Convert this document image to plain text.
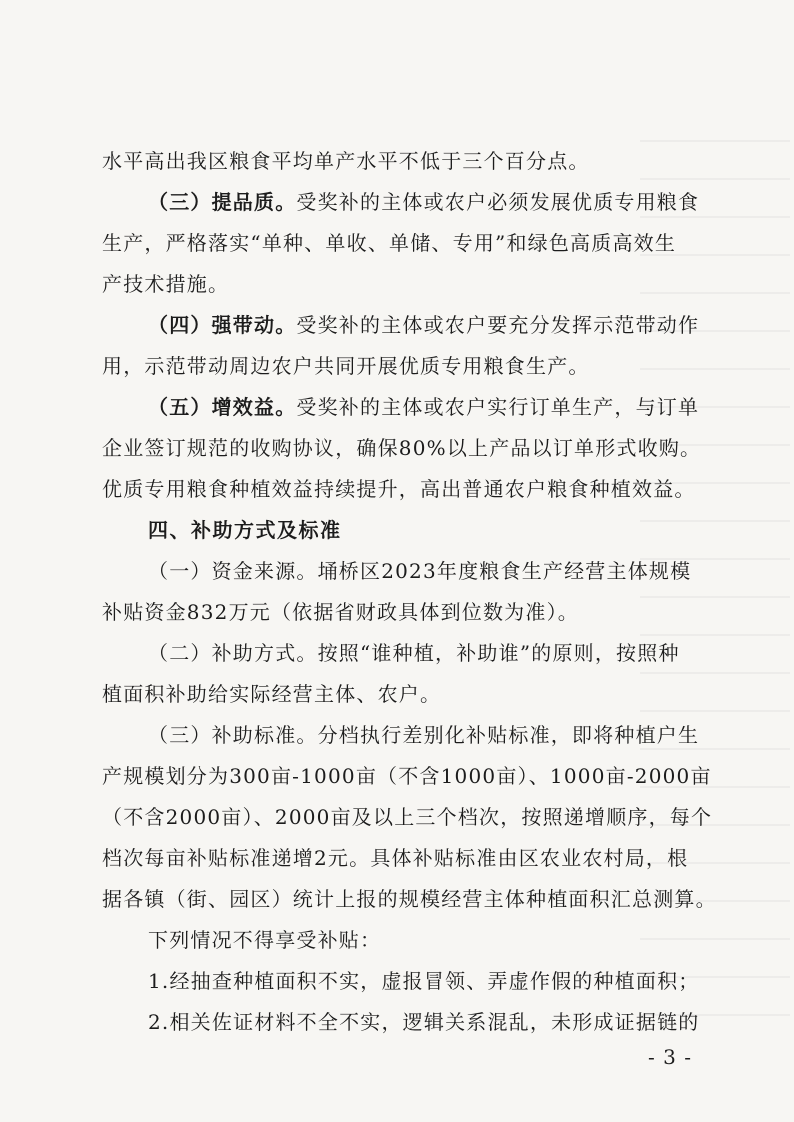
水平高出我区粮食平均单产水平不低于三个百分点。
（三）提品质。受奖补的主体或农户必须发展优质专用粮食
生产，严格落实“单种、单收、单储、专用”和绿色高质高效生
产技术措施。
（四）强带动。受奖补的主体或农户要充分发挥示范带动作
用，示范带动周边农户共同开展优质专用粮食生产。
（五）增效益。受奖补的主体或农户实行订单生产，与订单
企业签订规范的收购协议，确保80%以上产品以订单形式收购。
优质专用粮食种植效益持续提升，高出普通农户粮食种植效益。
四、补助方式及标准
（一）资金来源。埇桥区2023年度粮食生产经营主体规模
补贴资金832万元（依据省财政具体到位数为准）。
（二）补助方式。按照“谁种植，补助谁”的原则，按照种
植面积补助给实际经营主体、农户。
（三）补助标准。分档执行差别化补贴标准，即将种植户生
产规模划分为300亩-1000亩（不含1000亩）、1000亩-2000亩
（不含2000亩）、2000亩及以上三个档次，按照递增顺序，每个
档次每亩补贴标准递增2元。具体补贴标准由区农业农村局，根
据各镇（街、园区）统计上报的规模经营主体种植面积汇总测算。
下列情况不得享受补贴：
1.经抽查种植面积不实，虚报冒领、弄虚作假的种植面积；
2.相关佐证材料不全不实，逻辑关系混乱，未形成证据链的
- 3 -
